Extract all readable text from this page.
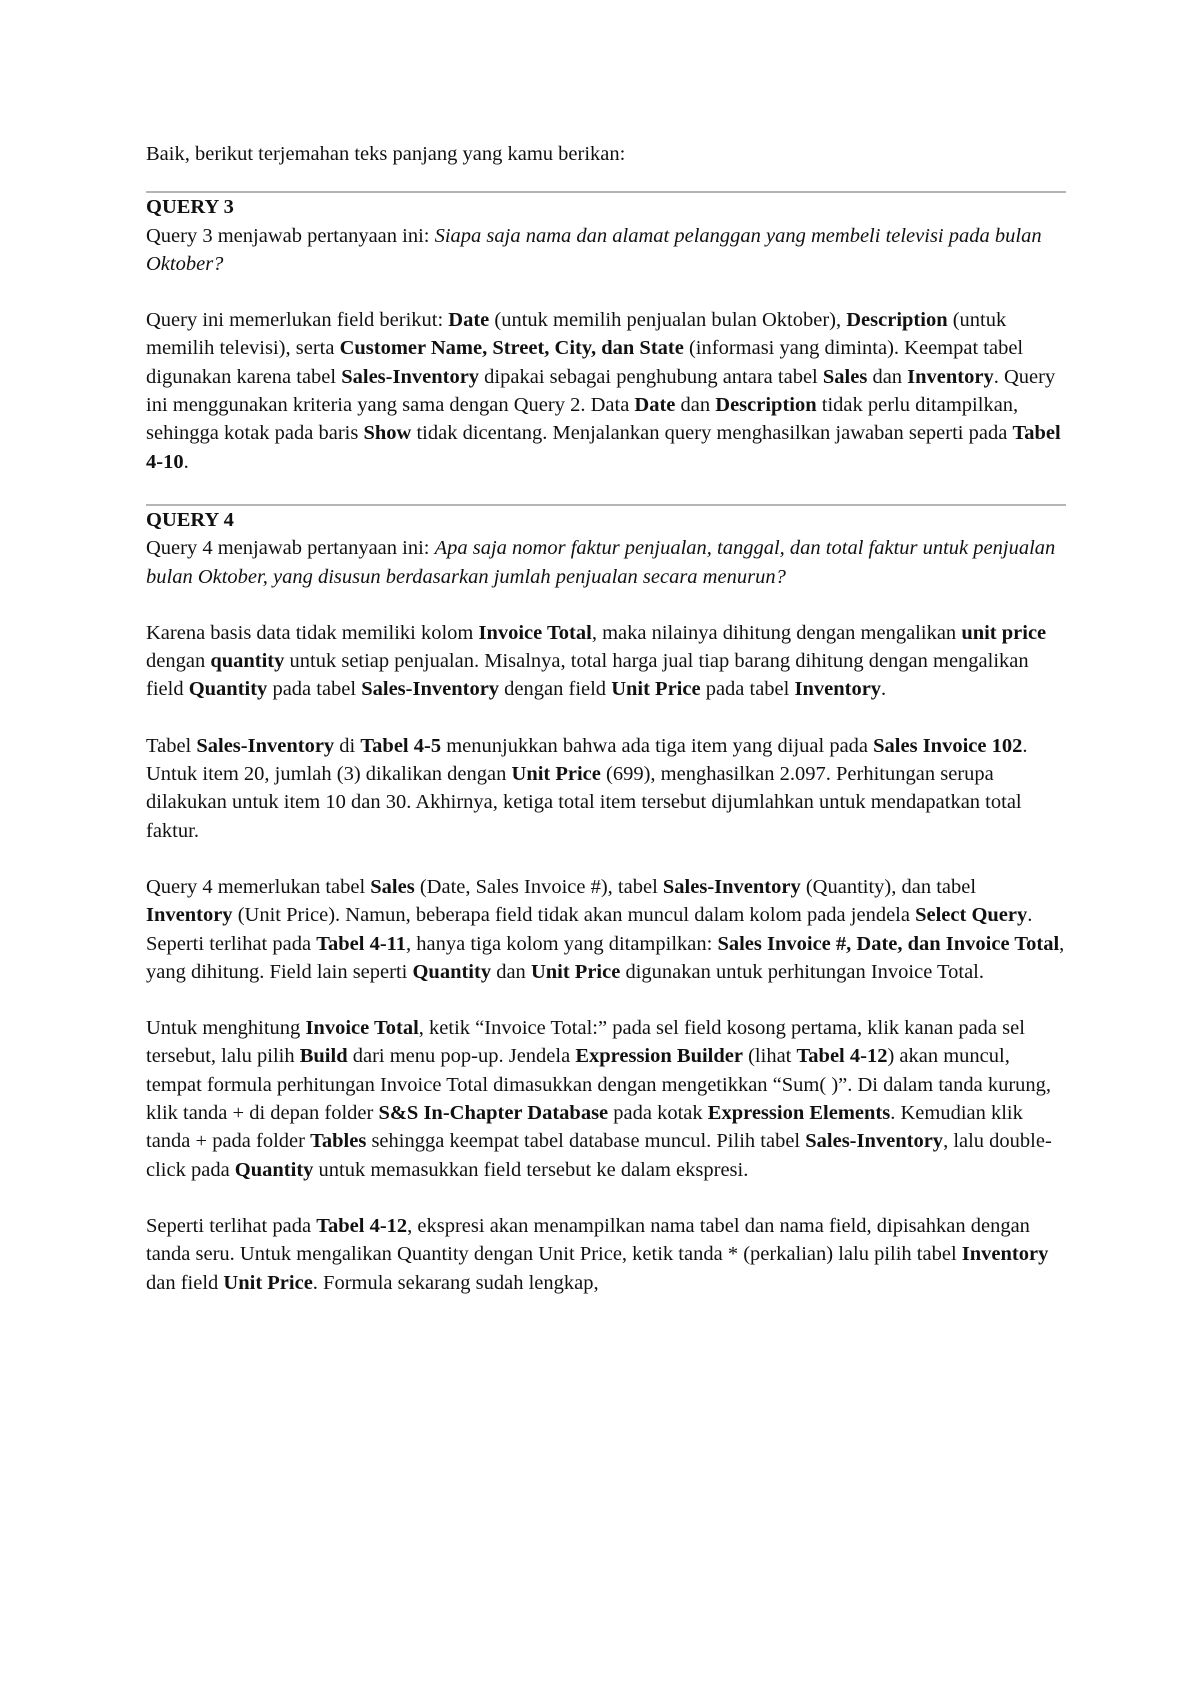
Baik, berikut terjemahan teks panjang yang kamu berikan:

QUERY 3

Query 3 menjawab pertanyaan ini: Siapa saja nama dan alamat pelanggan yang membeli televisi pada bulan Oktober?

Query ini memerlukan field berikut: Date (untuk memilih penjualan bulan Oktober), Description (untuk memilih televisi), serta Customer Name, Street, City, dan State (informasi yang diminta). Keempat tabel digunakan karena tabel Sales-Inventory dipakai sebagai penghubung antara tabel Sales dan Inventory. Query ini menggunakan kriteria yang sama dengan Query 2. Data Date dan Description tidak perlu ditampilkan, sehingga kotak pada baris Show tidak dicentang. Menjalankan query menghasilkan jawaban seperti pada Tabel 4-10.

QUERY 4

Query 4 menjawab pertanyaan ini: Apa saja nomor faktur penjualan, tanggal, dan total faktur untuk penjualan bulan Oktober, yang disusun berdasarkan jumlah penjualan secara menurun?

Karena basis data tidak memiliki kolom Invoice Total, maka nilainya dihitung dengan mengalikan unit price dengan quantity untuk setiap penjualan. Misalnya, total harga jual tiap barang dihitung dengan mengalikan field Quantity pada tabel Sales-Inventory dengan field Unit Price pada tabel Inventory.

Tabel Sales-Inventory di Tabel 4-5 menunjukkan bahwa ada tiga item yang dijual pada Sales Invoice 102. Untuk item 20, jumlah (3) dikalikan dengan Unit Price (699), menghasilkan 2.097. Perhitungan serupa dilakukan untuk item 10 dan 30. Akhirnya, ketiga total item tersebut dijumlahkan untuk mendapatkan total faktur.

Query 4 memerlukan tabel Sales (Date, Sales Invoice #), tabel Sales-Inventory (Quantity), dan tabel Inventory (Unit Price). Namun, beberapa field tidak akan muncul dalam kolom pada jendela Select Query. Seperti terlihat pada Tabel 4-11, hanya tiga kolom yang ditampilkan: Sales Invoice #, Date, dan Invoice Total, yang dihitung. Field lain seperti Quantity dan Unit Price digunakan untuk perhitungan Invoice Total.

Untuk menghitung Invoice Total, ketik “Invoice Total:” pada sel field kosong pertama, klik kanan pada sel tersebut, lalu pilih Build dari menu pop-up. Jendela Expression Builder (lihat Tabel 4-12) akan muncul, tempat formula perhitungan Invoice Total dimasukkan dengan mengetikkan “Sum( )”. Di dalam tanda kurung, klik tanda + di depan folder S&S In-Chapter Database pada kotak Expression Elements. Kemudian klik tanda + pada folder Tables sehingga keempat tabel database muncul. Pilih tabel Sales-Inventory, lalu double-click pada Quantity untuk memasukkan field tersebut ke dalam ekspresi.

Seperti terlihat pada Tabel 4-12, ekspresi akan menampilkan nama tabel dan nama field, dipisahkan dengan tanda seru. Untuk mengalikan Quantity dengan Unit Price, ketik tanda * (perkalian) lalu pilih tabel Inventory dan field Unit Price. Formula sekarang sudah lengkap,
